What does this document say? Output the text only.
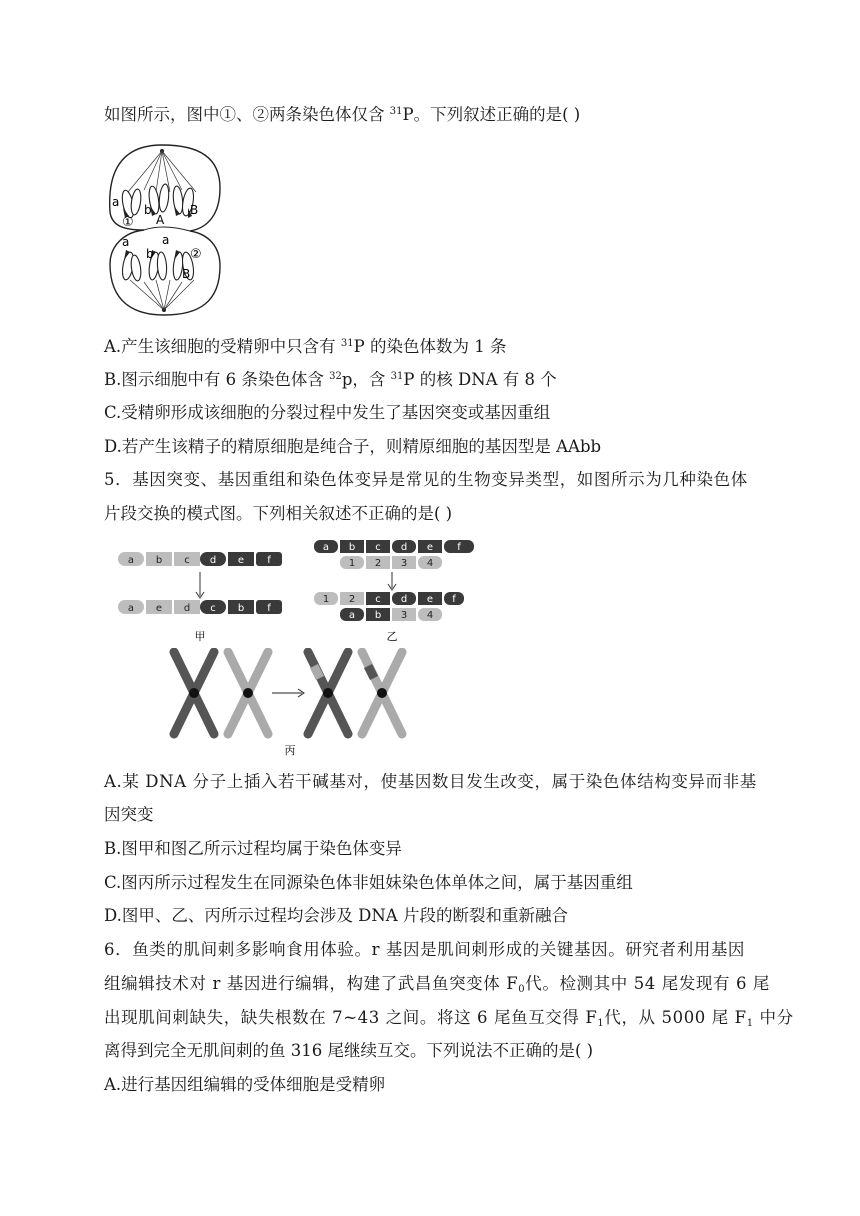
如图所示，图中①、②两条染色体仅含 $^{31}$P。下列叙述正确的是( )
a
b
A
B
①
a
b
a
②
B
A.产生该细胞的受精卵中只含有 $^{31}$P 的染色体数为 1 条
B.图示细胞中有 6 条染色体含 $^{32}$p，含 $^{31}$P 的核 DNA 有 8 个
C.受精卵形成该细胞的分裂过程中发生了基因突变或基因重组
D.若产生该精子的精原细胞是纯合子，则精原细胞的基因型是 AAbb
5．基因突变、基因重组和染色体变异是常见的生物变异类型，如图所示为几种染色体
片段交换的模式图。下列相关叙述不正确的是( )
a b c d e f
a e d c b f
甲
a b c d e f
1 2 3 4
1 2 c d e f
a b 3 4
乙
丙
A.某 DNA 分子上插入若干碱基对，使基因数目发生改变，属于染色体结构变异而非基
因突变
B.图甲和图乙所示过程均属于染色体变异
C.图丙所示过程发生在同源染色体非姐妹染色体单体之间，属于基因重组
D.图甲、乙、丙所示过程均会涉及 DNA 片段的断裂和重新融合
6．鱼类的肌间刺多影响食用体验。r 基因是肌间刺形成的关键基因。研究者利用基因
组编辑技术对 r 基因进行编辑，构建了武昌鱼突变体 $F_0$代。检测其中 54 尾发现有 6 尾
出现肌间刺缺失，缺失根数在 7~43 之间。将这 6 尾鱼互交得 $F_1$代，从 5000 尾 $F_1$ 中分
离得到完全无肌间刺的鱼 316 尾继续互交。下列说法不正确的是( )
A.进行基因组编辑的受体细胞是受精卵
